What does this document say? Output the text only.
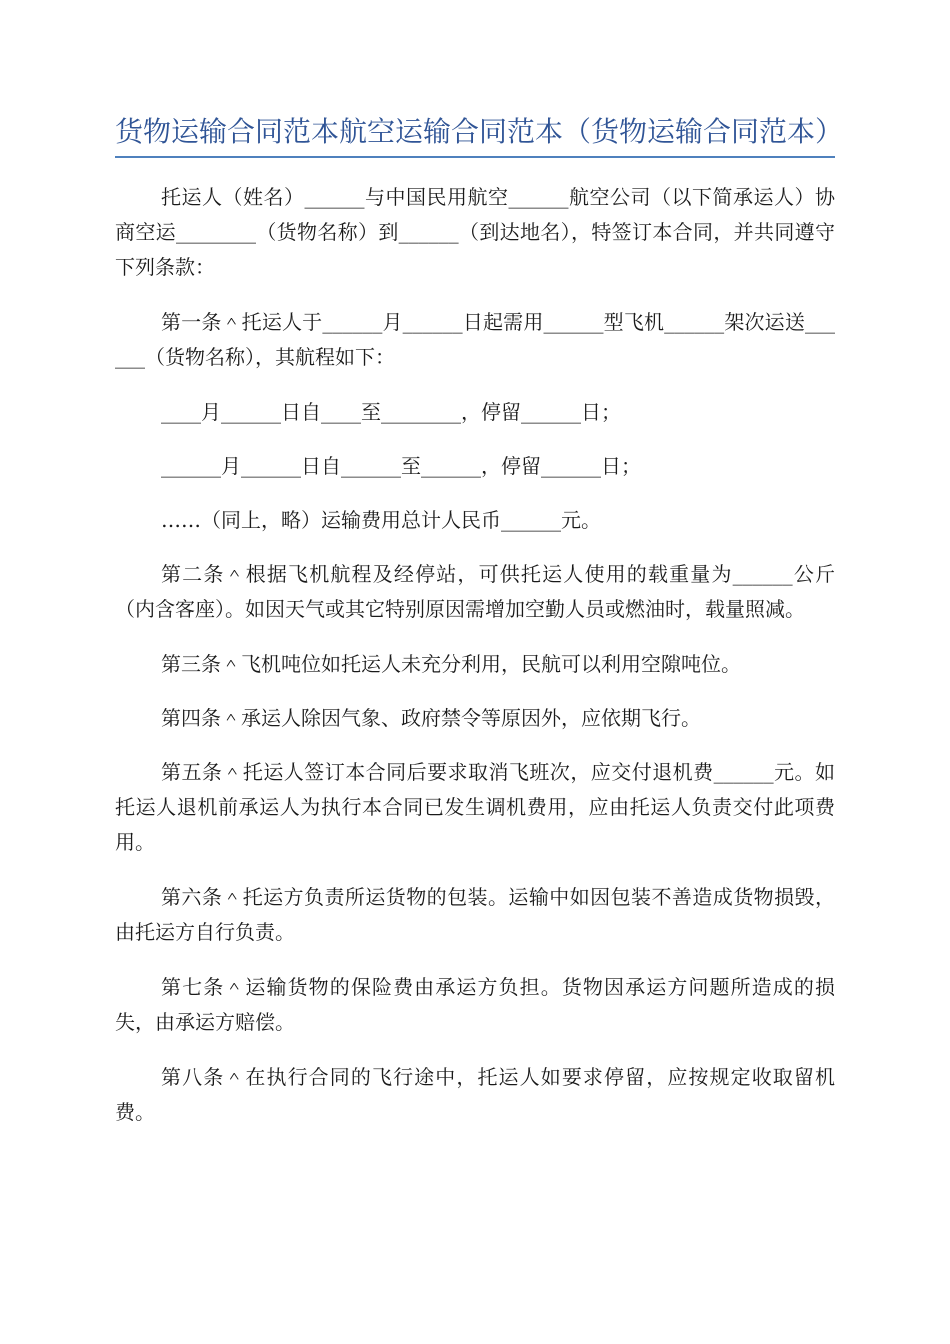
货物运输合同范本航空运输合同范本（货物运输合同范本）

托运人（姓名）______与中国民用航空______航空公司（以下简承运人）协商空运________（货物名称）到______（到达地名），特签订本合同，并共同遵守下列条款：

第一条＾托运人于______月______日起需用______型飞机______架次运送______（货物名称），其航程如下：

____月______日自____至________，停留______日；

______月______日自______至______，停留______日；

……（同上，略）运输费用总计人民币______元。

第二条＾根据飞机航程及经停站，可供托运人使用的载重量为______公斤（内含客座）。如因天气或其它特别原因需增加空勤人员或燃油时，载量照减。

第三条＾飞机吨位如托运人未充分利用，民航可以利用空隙吨位。

第四条＾承运人除因气象、政府禁令等原因外，应依期飞行。

第五条＾托运人签订本合同后要求取消飞班次，应交付退机费______元。如托运人退机前承运人为执行本合同已发生调机费用，应由托运人负责交付此项费用。

第六条＾托运方负责所运货物的包装。运输中如因包装不善造成货物损毁，由托运方自行负责。

第七条＾运输货物的保险费由承运方负担。货物因承运方问题所造成的损失，由承运方赔偿。

第八条＾在执行合同的飞行途中，托运人如要求停留，应按规定收取留机费。
